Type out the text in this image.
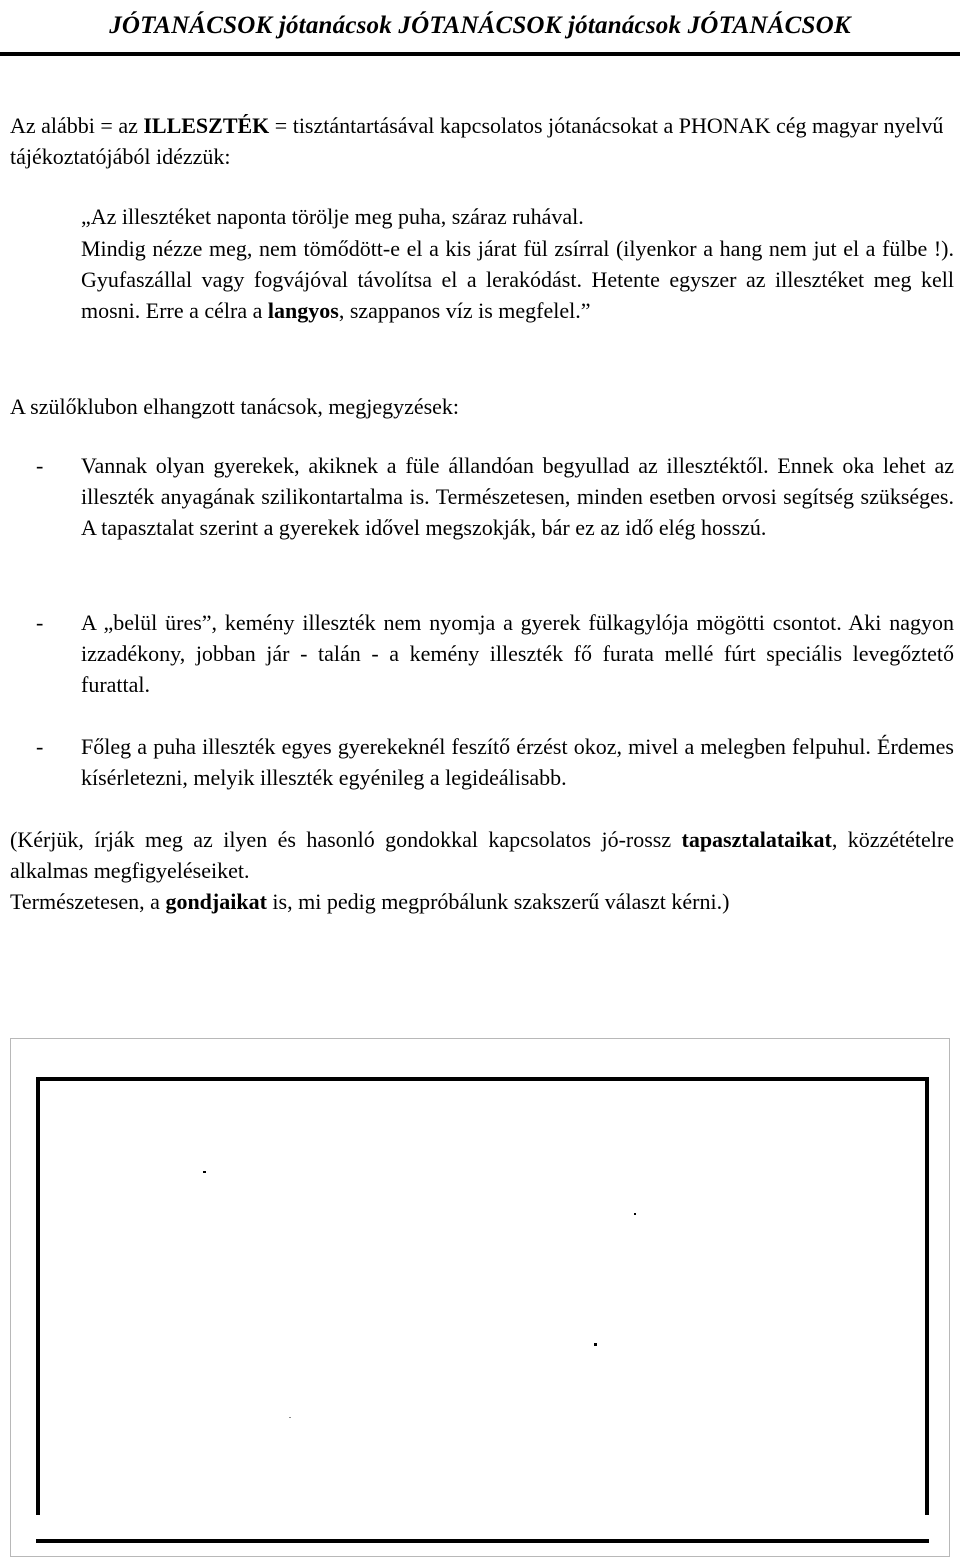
JÓTANÁCSOK jótanácsok JÓTANÁCSOK jótanácsok JÓTANÁCSOK
Az alábbi = az ILLESZTÉK = tisztántartásával kapcsolatos jótanácsokat a PHONAK cég magyar nyelvű tájékoztatójából idézzük:
„Az illesztéket naponta törölje meg puha, száraz ruhával.
Mindig nézze meg, nem tömődött-e el a kis járat fül zsírral (ilyenkor a hang nem jut el a fülbe !). Gyufaszállal vagy fogvájóval távolítsa el a lerakódást. Hetente egyszer az illesztéket meg kell mosni. Erre a célra a langyos, szappanos víz is megfelel.”
A szülőklubon elhangzott tanácsok, megjegyzések:
- Vannak olyan gyerekek, akiknek a füle állandóan begyullad az illesztéktől. Ennek oka lehet az illeszték anyagának szilikontartalma is. Természetesen, minden esetben orvosi segítség szükséges. A tapasztalat szerint a gyerekek idővel megszokják, bár ez az idő elég hosszú.
- A „belül üres”, kemény illeszték nem nyomja a gyerek fülkagylója mögötti csontot. Aki nagyon izzadékony, jobban jár - talán - a kemény illeszték fő furata mellé fúrt speciális levegőztető furattal.
- Főleg a puha illeszték egyes gyerekeknél feszítő érzést okoz, mivel a melegben felpuhul. Érdemes kísérletezni, melyik illeszték egyénileg a legideálisabb.
(Kérjük, írják meg az ilyen és hasonló gondokkal kapcsolatos jó-rossz tapasztalataikat, közzétételre alkalmas megfigyeléseiket.
Természetesen, a gondjaikat is, mi pedig megpróbálunk szakszerű választ kérni.)
